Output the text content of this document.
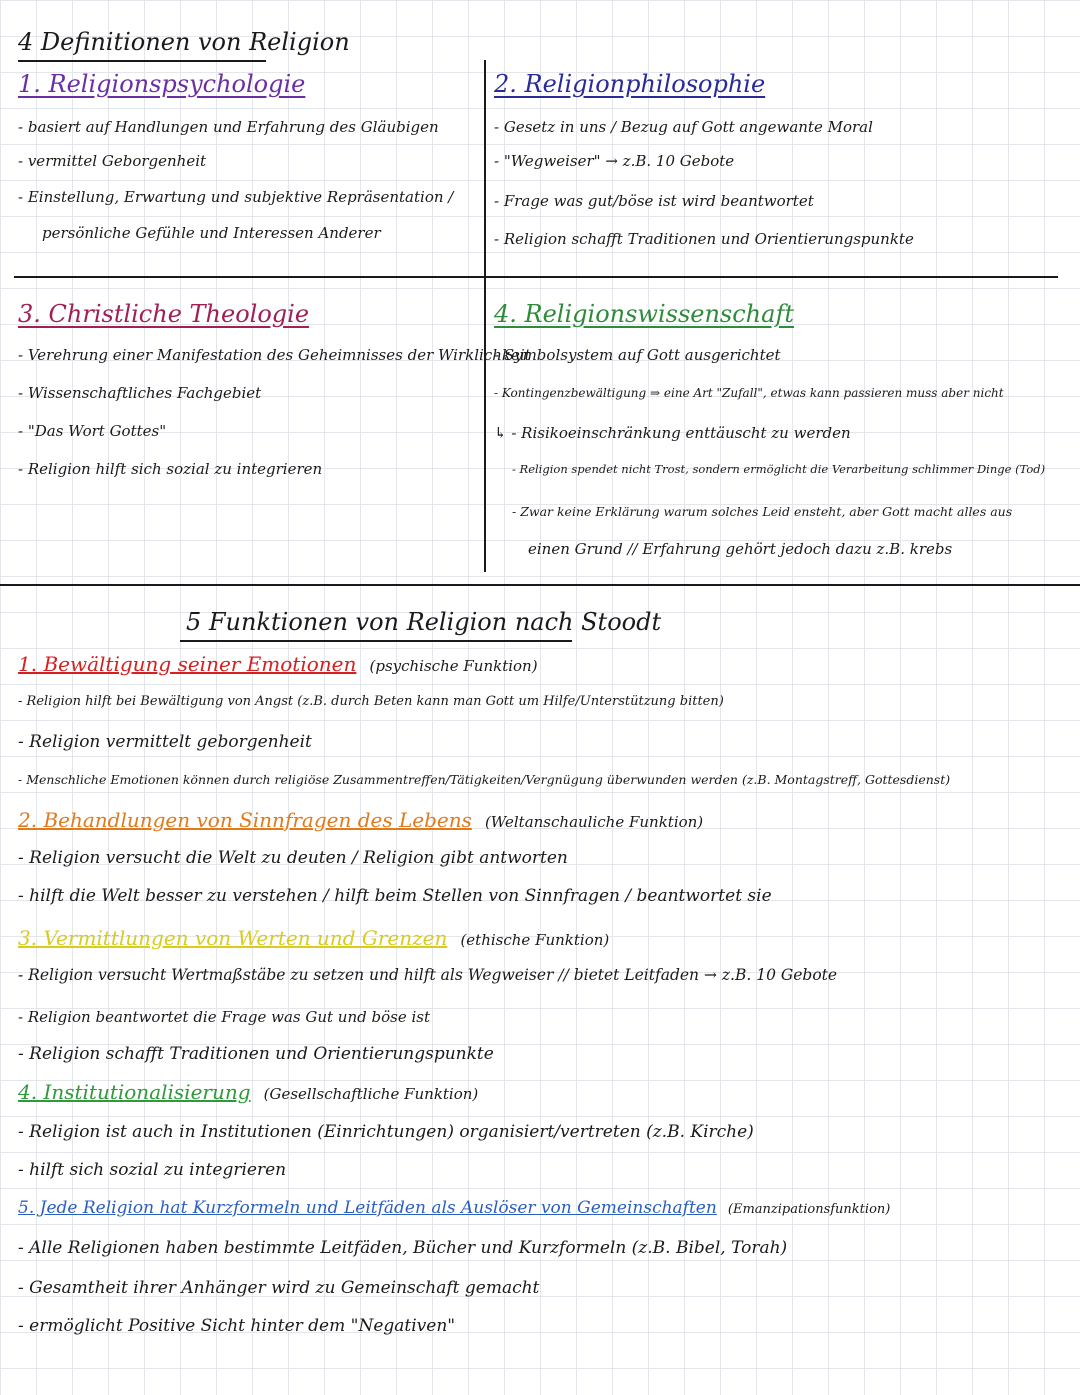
4 Definitionen von Religion
1. Religionspsychologie
- basiert auf Handlungen und Erfahrung des Gläubigen
- vermittel Geborgenheit
- Einstellung, Erwartung und subjektive Repräsentation /
persönliche Gefühle und Interessen Anderer
2. Religionphilosophie
- Gesetz in uns / Bezug auf Gott angewante Moral
- "Wegweiser" → z.B. 10 Gebote
- Frage was gut/böse ist wird beantwortet
- Religion schafft Traditionen und Orientierungspunkte
3. Christliche Theologie
- Verehrung einer Manifestation des Geheimnisses der Wirklichkeit
- Wissenschaftliches Fachgebiet
- "Das Wort Gottes"
- Religion hilft sich sozial zu integrieren
4. Religionswissenschaft
- Symbolsystem auf Gott ausgerichtet
- Kontingenzbewältigung ⇒ eine Art "Zufall", etwas kann passieren muss aber nicht
↳ - Risikoeinschränkung enttäuscht zu werden
- Religion spendet nicht Trost, sondern ermöglicht die Verarbeitung schlimmer Dinge (Tod)
- Zwar keine Erklärung warum solches Leid ensteht, aber Gott macht alles aus
einen Grund // Erfahrung gehört jedoch dazu z.B. krebs
5 Funktionen von Religion nach Stoodt
1. Bewältigung seiner Emotionen (psychische Funktion)
- Religion hilft bei Bewältigung von Angst (z.B. durch Beten kann man Gott um Hilfe/Unterstützung bitten)
- Religion vermittelt geborgenheit
- Menschliche Emotionen können durch religiöse Zusammentreffen/Tätigkeiten/Vergnügung überwunden werden (z.B. Montagstreff, Gottesdienst)
2. Behandlungen von Sinnfragen des Lebens (Weltanschauliche Funktion)
- Religion versucht die Welt zu deuten / Religion gibt antworten
- hilft die Welt besser zu verstehen / hilft beim Stellen von Sinnfragen / beantwortet sie
3. Vermittlungen von Werten und Grenzen (ethische Funktion)
- Religion versucht Wertmaßstäbe zu setzen und hilft als Wegweiser // bietet Leitfaden → z.B. 10 Gebote
- Religion beantwortet die Frage was Gut und böse ist
- Religion schafft Traditionen und Orientierungspunkte
4. Institutionalisierung (Gesellschaftliche Funktion)
- Religion ist auch in Institutionen (Einrichtungen) organisiert/vertreten (z.B. Kirche)
- hilft sich sozial zu integrieren
5. Jede Religion hat Kurzformeln und Leitfäden als Auslöser von Gemeinschaften (Emanzipationsfunktion)
- Alle Religionen haben bestimmte Leitfäden, Bücher und Kurzformeln (z.B. Bibel, Torah)
- Gesamtheit ihrer Anhänger wird zu Gemeinschaft gemacht
- ermöglicht Positive Sicht hinter dem "Negativen"
